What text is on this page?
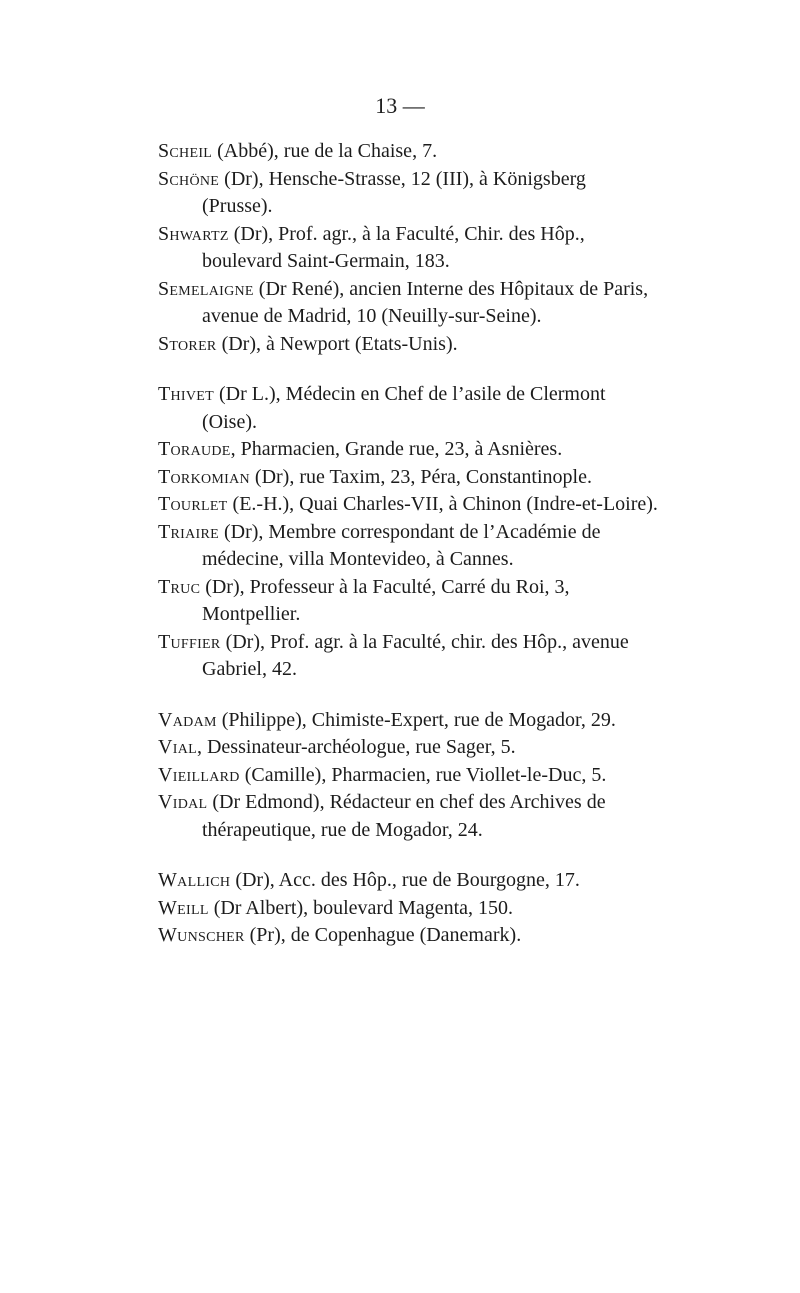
13 —

Scheil (Abbé), rue de la Chaise, 7.

Schöne (Dr), Hensche-Strasse, 12 (III), à Königsberg (Prusse).

Shwartz (Dr), Prof. agr., à la Faculté, Chir. des Hôp., boulevard Saint-Germain, 183.

Semelaigne (Dr René), ancien Interne des Hôpitaux de Paris, avenue de Madrid, 10 (Neuilly-sur-Seine).

Storer (Dr), à Newport (Etats-Unis).

Thivet (Dr L.), Médecin en Chef de l’asile de Clermont (Oise).

Toraude, Pharmacien, Grande rue, 23, à Asnières.

Torkomian (Dr), rue Taxim, 23, Péra, Constantinople.

Tourlet (E.-H.), Quai Charles-VII, à Chinon (Indre-et-Loire).

Triaire (Dr), Membre correspondant de l’Académie de médecine, villa Montevideo, à Cannes.

Truc (Dr), Professeur à la Faculté, Carré du Roi, 3, Montpellier.

Tuffier (Dr), Prof. agr. à la Faculté, chir. des Hôp., avenue Gabriel, 42.

Vadam (Philippe), Chimiste-Expert, rue de Mogador, 29.

Vial, Dessinateur-archéologue, rue Sager, 5.

Vieillard (Camille), Pharmacien, rue Viollet-le-Duc, 5.

Vidal (Dr Edmond), Rédacteur en chef des Archives de thérapeutique, rue de Mogador, 24.

Wallich (Dr), Acc. des Hôp., rue de Bourgogne, 17.

Weill (Dr Albert), boulevard Magenta, 150.

Wunscher (Pr), de Copenhague (Danemark).
